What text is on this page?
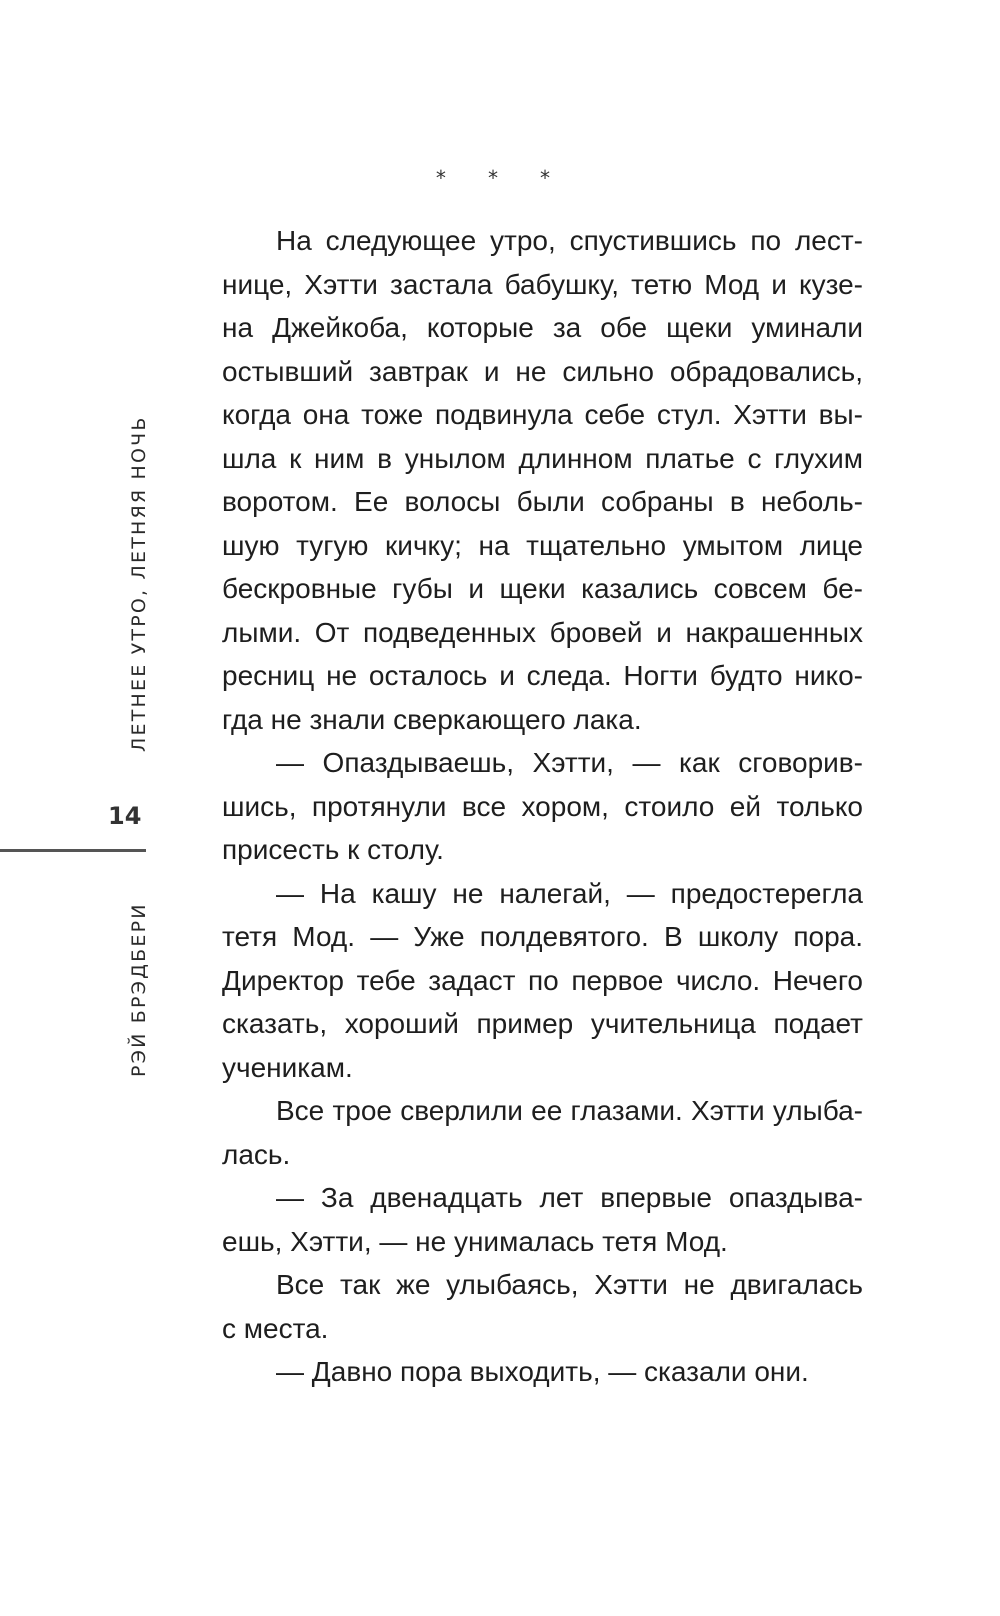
ЛЕТНЕЕ УТРО, ЛЕТНЯЯ НОЧЬ
14
РЭЙ БРЭДБЕРИ
* * *
На следующее утро, спустившись по лест-
нице, Хэтти застала бабушку, тетю Мод и кузе-
на Джейкоба, которые за обе щеки уминали
остывший завтрак и не сильно обрадовались,
когда она тоже подвинула себе стул. Хэтти вы-
шла к ним в унылом длинном платье с глухим
воротом. Ее волосы были собраны в неболь-
шую тугую кичку; на тщательно умытом лице
бескровные губы и щеки казались совсем бе-
лыми. От подведенных бровей и накрашенных
ресниц не осталось и следа. Ногти будто нико-
гда не знали сверкающего лака.
— Опаздываешь, Хэтти, — как сговорив-
шись, протянули все хором, стоило ей только
присесть к столу.
— На кашу не налегай, — предостерегла
тетя Мод. — Уже полдевятого. В школу пора.
Директор тебе задаст по первое число. Нечего
сказать, хороший пример учительница подает
ученикам.
Все трое сверлили ее глазами. Хэтти улыба-
лась.
— За двенадцать лет впервые опаздыва-
ешь, Хэтти, — не унималась тетя Мод.
Все так же улыбаясь, Хэтти не двигалась
с места.
— Давно пора выходить, — сказали они.
